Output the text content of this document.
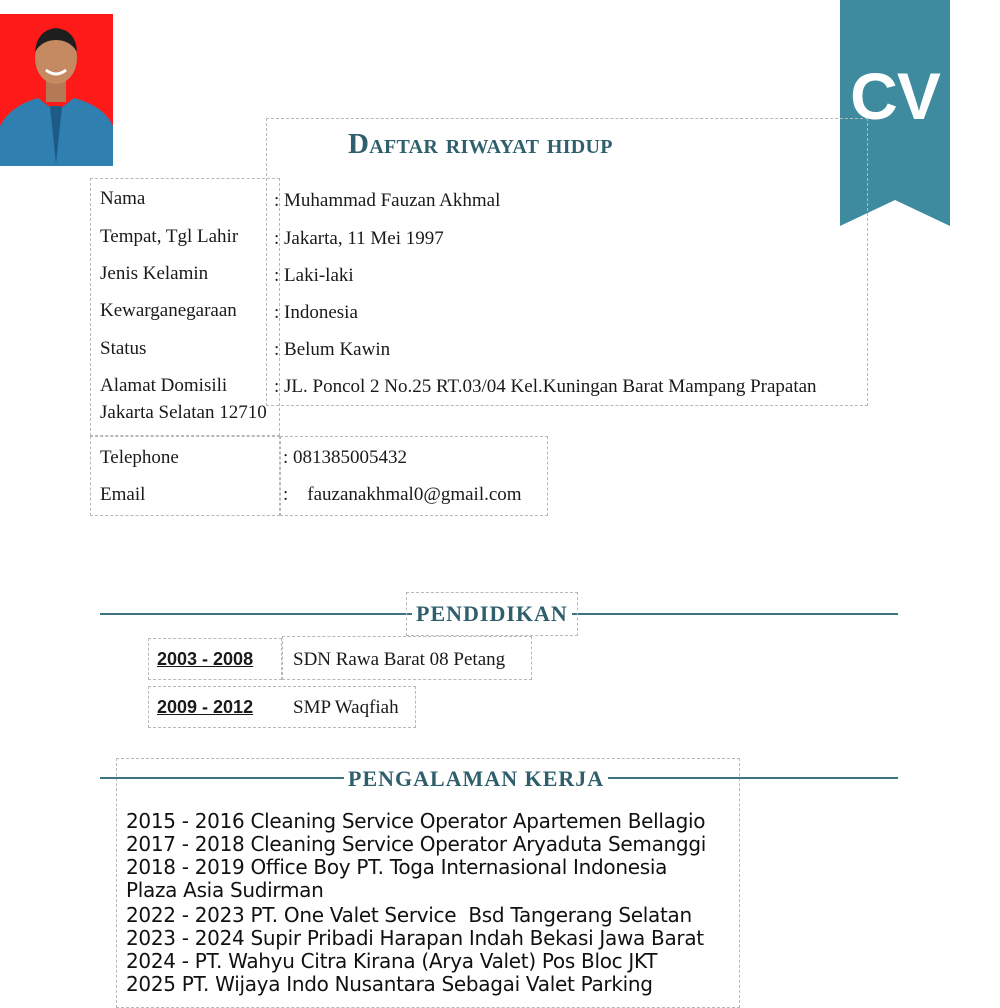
CV
Daftar riwayat hidup
Nama	: Muhammad Fauzan Akhmal
Tempat, Tgl Lahir : Jakarta, 11 Mei 1997
Jenis Kelamin	: Laki-laki
Kewarganegaraan : Indonesia
Status	: Belum Kawin
Alamat Domisili : JL. Poncol 2 No.25 RT.03/04 Kel.Kuningan Barat Mampang Prapatan
Jakarta Selatan 12710
Telephone	: 081385005432
Email	:    fauzanakhmal0@gmail.com
PENDIDIKAN
2003 - 2008 SDN Rawa Barat 08 Petang
2009 - 2012 SMP Waqfiah
PENGALAMAN KERJA
2015 - 2016 Cleaning Service Operator Apartemen Bellagio
2017 - 2018 Cleaning Service Operator Aryaduta Semanggi
2018 - 2019 Office Boy PT. Toga Internasional Indonesia
Plaza Asia Sudirman
2022 - 2023 PT. One Valet Service  Bsd Tangerang Selatan
2023 - 2024 Supir Pribadi Harapan Indah Bekasi Jawa Barat
2024 - PT. Wahyu Citra Kirana (Arya Valet) Pos Bloc JKT
2025 PT. Wijaya Indo Nusantara Sebagai Valet Parking
